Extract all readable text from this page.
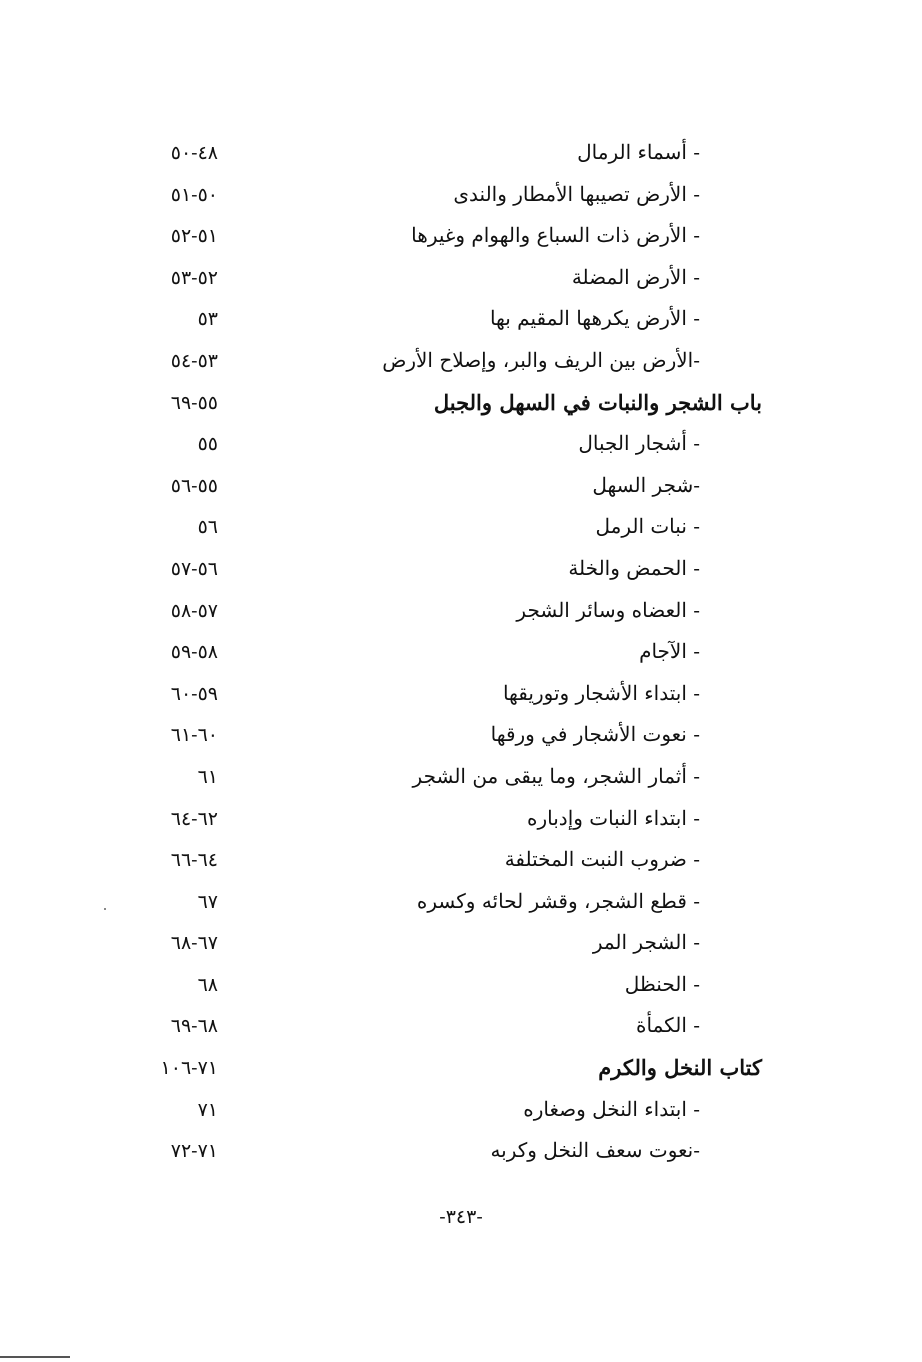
- أسماء الرمال
٤٨-٥٠
- الأرض تصيبها الأمطار والندى
٥٠-٥١
- الأرض ذات السباع والهوام وغيرها
٥١-٥٢
- الأرض المضلة
٥٢-٥٣
- الأرض يكرهها المقيم بها
٥٣
-الأرض بين الريف والبر، وإصلاح الأرض
٥٣-٥٤
باب الشجر والنبات في السهل والجبل
٥٥-٦٩
- أشجار الجبال
٥٥
-شجر السهل
٥٥-٥٦
- نبات الرمل
٥٦
- الحمض والخلة
٥٦-٥٧
- العضاه وسائر الشجر
٥٧-٥٨
- الآجام
٥٨-٥٩
- ابتداء الأشجار وتوريقها
٥٩-٦٠
- نعوت الأشجار في ورقها
٦٠-٦١
- أثمار الشجر، وما يبقى من الشجر
٦١
- ابتداء النبات وإدباره
٦٢-٦٤
- ضروب النبت المختلفة
٦٤-٦٦
- قطع الشجر، وقشر لحائه وكسره
٦٧
- الشجر المر
٦٧-٦٨
- الحنظل
٦٨
- الكمأة
٦٨-٦٩
كتاب النخل والكرم
٧١-١٠٦
- ابتداء النخل وصغاره
٧١
-نعوت سعف النخل وكربه
٧١-٧٢
-٣٤٣-
